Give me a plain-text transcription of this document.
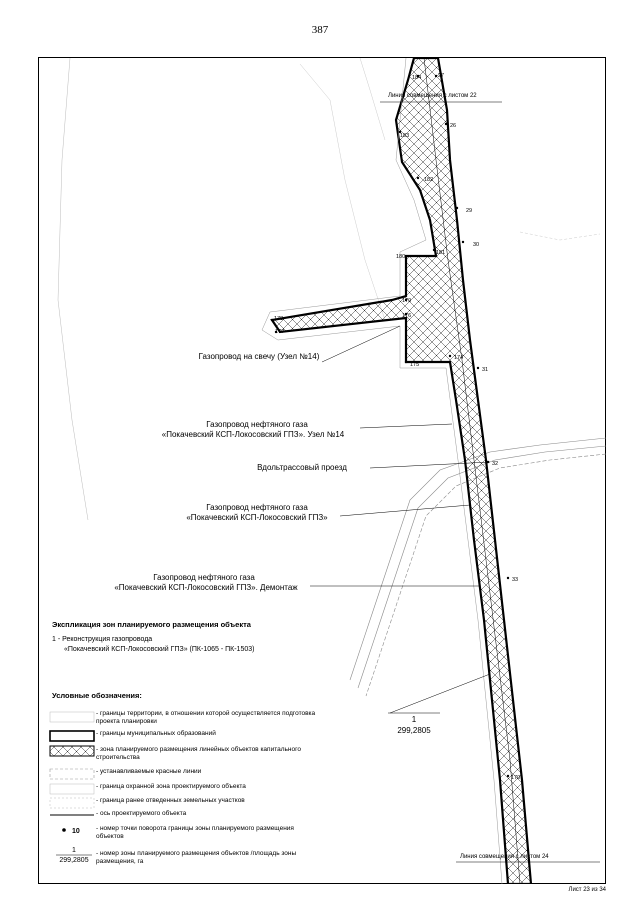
387
Линия совмещения с листом 22
Линия совмещения с листом 24
184	27
26
183
182
29
30
181
180
179
178
177
176
175
174
31
32
33
170
Газопровод на свечу (Узел №14)
Газопровод нефтяного газа
«Покачевский КСП-Локосовский ГПЗ». Узел №14
Вдольтрассовый проезд
Газопровод нефтяного газа
«Покачевский КСП-Локосовский ГПЗ»
Газопровод нефтяного газа
«Покачевский КСП-Локосовский ГПЗ». Демонтаж
1
299,2805
Экспликация зон планируемого размещения объекта
1 - Реконструкция газопровода
«Покачевский КСП-Локосовский ГПЗ» (ПК-1065 - ПК-1503)
Условные обозначения:
10
1
299,2805
- границы территории, в отношении которой осуществляется подготовка проекта планировки
- границы муниципальных образований
- зона планируемого размещения линейных объектов капитального строительства
- устанавливаемые красные линии
- граница охранной зона проектируемого объекта
- граница ранее отведенных земельных участков
- ось проектируемого объекта
- номер точки поворота границы зоны планируемого размещения объектов
- номер зоны планируемого размещения объектов /площадь зоны размещения, га
Лист 23 из 34
